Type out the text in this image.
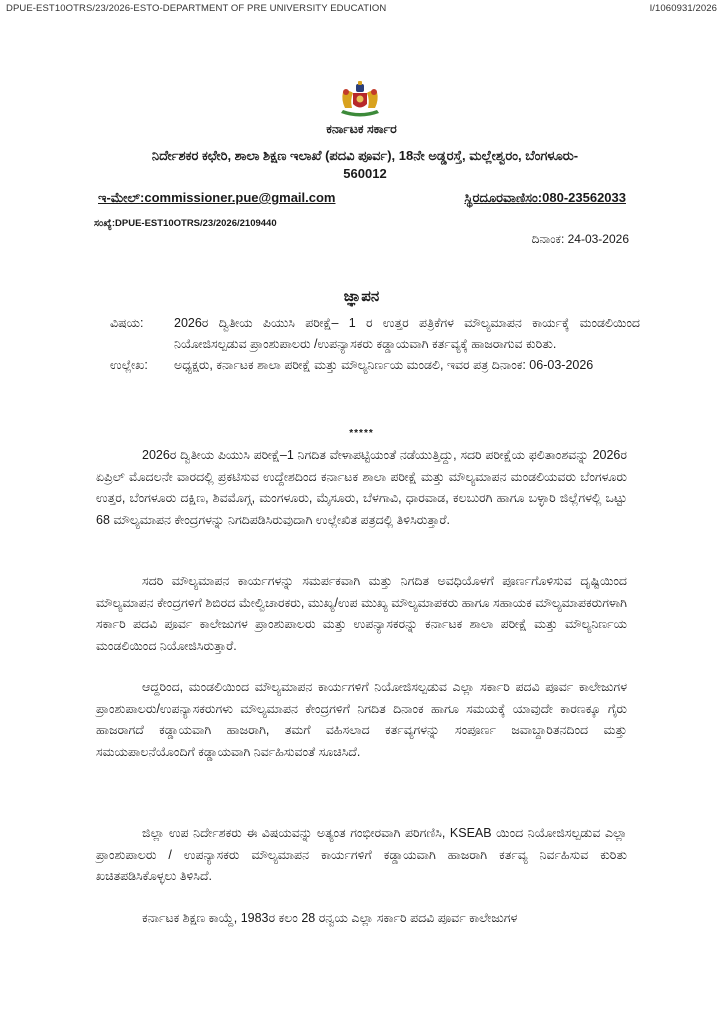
DPUE-EST10OTRS/23/2026-ESTO-DEPARTMENT OF PRE UNIVERSITY EDUCATION	I/1060931/2026
ಕರ್ನಾಟಕ ಸರ್ಕಾರ
ನಿರ್ದೇಶಕರ ಕಛೇರಿ, ಶಾಲಾ ಶಿಕ್ಷಣ ಇಲಾಖೆ (ಪದವಿ ಪೂರ್ವ), 18ನೇ ಅಡ್ಡರಸ್ತೆ, ಮಲ್ಲೇಶ್ವರಂ, ಬೆಂಗಳೂರು-
560012
ಇ-ಮೇಲ್:commissioner.pue@gmail.com	ಸ್ಥಿರದೂರವಾಣಿಸಂ:080-23562033
ಸಂಖ್ಯೆ:DPUE-EST10OTRS/23/2026/2109440
ದಿನಾಂಕ: 24-03-2026
ಜ್ಞಾಪನ
ವಿಷಯ:	2026ರ ದ್ವಿತೀಯ ಪಿಯುಸಿ ಪರೀಕ್ಷೆ– 1 ರ ಉತ್ತರ ಪತ್ರಿಕೆಗಳ ಮೌಲ್ಯಮಾಪನ ಕಾರ್ಯಕ್ಕೆ ಮಂಡಲಿಯಿಂದ ನಿಯೋಜಿಸಲ್ಪಡುವ ಪ್ರಾಂಶುಪಾಲರು /ಉಪನ್ಯಾಸಕರು ಕಡ್ಡಾಯವಾಗಿ ಕರ್ತವ್ಯಕ್ಕೆ ಹಾಜರಾಗುವ ಕುರಿತು.
ಉಲ್ಲೇಖ:	ಅಧ್ಯಕ್ಷರು, ಕರ್ನಾಟಕ ಶಾಲಾ ಪರೀಕ್ಷೆ ಮತ್ತು ಮೌಲ್ಯನಿರ್ಣಯ ಮಂಡಲಿ, ಇವರ ಪತ್ರ ದಿನಾಂಕ: 06-03-2026
*****

2026ರ ದ್ವಿತೀಯ ಪಿಯುಸಿ ಪರೀಕ್ಷೆ–1 ನಿಗದಿತ ವೇಳಾಪಟ್ಟಿಯಂತೆ ನಡೆಯುತ್ತಿದ್ದು, ಸದರಿ ಪರೀಕ್ಷೆಯ ಫಲಿತಾಂಶವನ್ನು 2026ರ ಏಪ್ರಿಲ್ ಮೊದಲನೇ ವಾರದಲ್ಲಿ ಪ್ರಕಟಿಸುವ ಉದ್ದೇಶದಿಂದ ಕರ್ನಾಟಕ ಶಾಲಾ ಪರೀಕ್ಷೆ ಮತ್ತು ಮೌಲ್ಯಮಾಪನ ಮಂಡಲಿಯವರು ಬೆಂಗಳೂರು ಉತ್ತರ, ಬೆಂಗಳೂರು ದಕ್ಷಿಣ, ಶಿವಮೊಗ್ಗ, ಮಂಗಳೂರು, ಮೈಸೂರು, ಬೆಳಗಾವಿ, ಧಾರವಾಡ, ಕಲಬುರಗಿ ಹಾಗೂ ಬಳ್ಳಾರಿ ಜಿಲ್ಲೆಗಳಲ್ಲಿ ಒಟ್ಟು 68 ಮೌಲ್ಯಮಾಪನ ಕೇಂದ್ರಗಳನ್ನು ನಿಗದಿಪಡಿಸಿರುವುದಾಗಿ ಉಲ್ಲೇಖಿತ ಪತ್ರದಲ್ಲಿ ತಿಳಿಸಿರುತ್ತಾರೆ.

ಸದರಿ ಮೌಲ್ಯಮಾಪನ ಕಾರ್ಯಗಳನ್ನು ಸಮರ್ಪಕವಾಗಿ ಮತ್ತು ನಿಗದಿತ ಅವಧಿಯೊಳಗೆ ಪೂರ್ಣಗೊಳಿಸುವ ದೃಷ್ಟಿಯಿಂದ ಮೌಲ್ಯಮಾಪನ ಕೇಂದ್ರಗಳಿಗೆ ಶಿಬಿರದ ಮೇಲ್ವಿಚಾರಕರು, ಮುಖ್ಯ/ಉಪ ಮುಖ್ಯ ಮೌಲ್ಯಮಾಪಕರು ಹಾಗೂ ಸಹಾಯಕ ಮೌಲ್ಯಮಾಪಕರುಗಳಾಗಿ ಸರ್ಕಾರಿ ಪದವಿ ಪೂರ್ವ ಕಾಲೇಜುಗಳ ಪ್ರಾಂಶುಪಾಲರು ಮತ್ತು ಉಪನ್ಯಾಸಕರನ್ನು ಕರ್ನಾಟಕ ಶಾಲಾ ಪರೀಕ್ಷೆ ಮತ್ತು ಮೌಲ್ಯನಿರ್ಣಯ ಮಂಡಲಿಯಿಂದ ನಿಯೋಜಿಸಿರುತ್ತಾರೆ.

ಆದ್ದರಿಂದ, ಮಂಡಲಿಯಿಂದ ಮೌಲ್ಯಮಾಪನ ಕಾರ್ಯಗಳಿಗೆ ನಿಯೋಜಿಸಲ್ಪಡುವ ಎಲ್ಲಾ ಸರ್ಕಾರಿ ಪದವಿ ಪೂರ್ವ ಕಾಲೇಜುಗಳ ಪ್ರಾಂಶುಪಾಲರು/ಉಪನ್ಯಾಸಕರುಗಳು ಮೌಲ್ಯಮಾಪನ ಕೇಂದ್ರಗಳಿಗೆ ನಿಗದಿತ ದಿನಾಂಕ ಹಾಗೂ ಸಮಯಕ್ಕೆ ಯಾವುದೇ ಕಾರಣಕ್ಕೂ ಗೈರು ಹಾಜರಾಗದೆ ಕಡ್ಡಾಯವಾಗಿ ಹಾಜರಾಗಿ, ತಮಗೆ ವಹಿಸಲಾದ ಕರ್ತವ್ಯಗಳನ್ನು ಸಂಪೂರ್ಣ ಜವಾಬ್ದಾರಿತನದಿಂದ ಮತ್ತು ಸಮಯಪಾಲನೆಯೊಂದಿಗೆ ಕಡ್ಡಾಯವಾಗಿ ನಿರ್ವಹಿಸುವಂತೆ ಸೂಚಿಸಿದೆ.

ಜಿಲ್ಲಾ ಉಪ ನಿರ್ದೇಶಕರು ಈ ವಿಷಯವನ್ನು ಅತ್ಯಂತ ಗಂಭೀರವಾಗಿ ಪರಿಗಣಿಸಿ, KSEAB ಯಿಂದ ನಿಯೋಜಿಸಲ್ಪಡುವ ಎಲ್ಲಾ ಪ್ರಾಂಶುಪಾಲರು / ಉಪನ್ಯಾಸಕರು ಮೌಲ್ಯಮಾಪನ ಕಾರ್ಯಗಳಿಗೆ ಕಡ್ಡಾಯವಾಗಿ ಹಾಜರಾಗಿ ಕರ್ತವ್ಯ ನಿರ್ವಹಿಸುವ ಕುರಿತು ಖಚಿತಪಡಿಸಿಕೊಳ್ಳಲು ತಿಳಿಸಿದೆ.

ಕರ್ನಾಟಕ ಶಿಕ್ಷಣ ಕಾಯ್ದೆ, 1983ರ ಕಲಂ 28 ರನ್ವಯ ಎಲ್ಲಾ ಸರ್ಕಾರಿ ಪದವಿ ಪೂರ್ವ ಕಾಲೇಜುಗಳ
